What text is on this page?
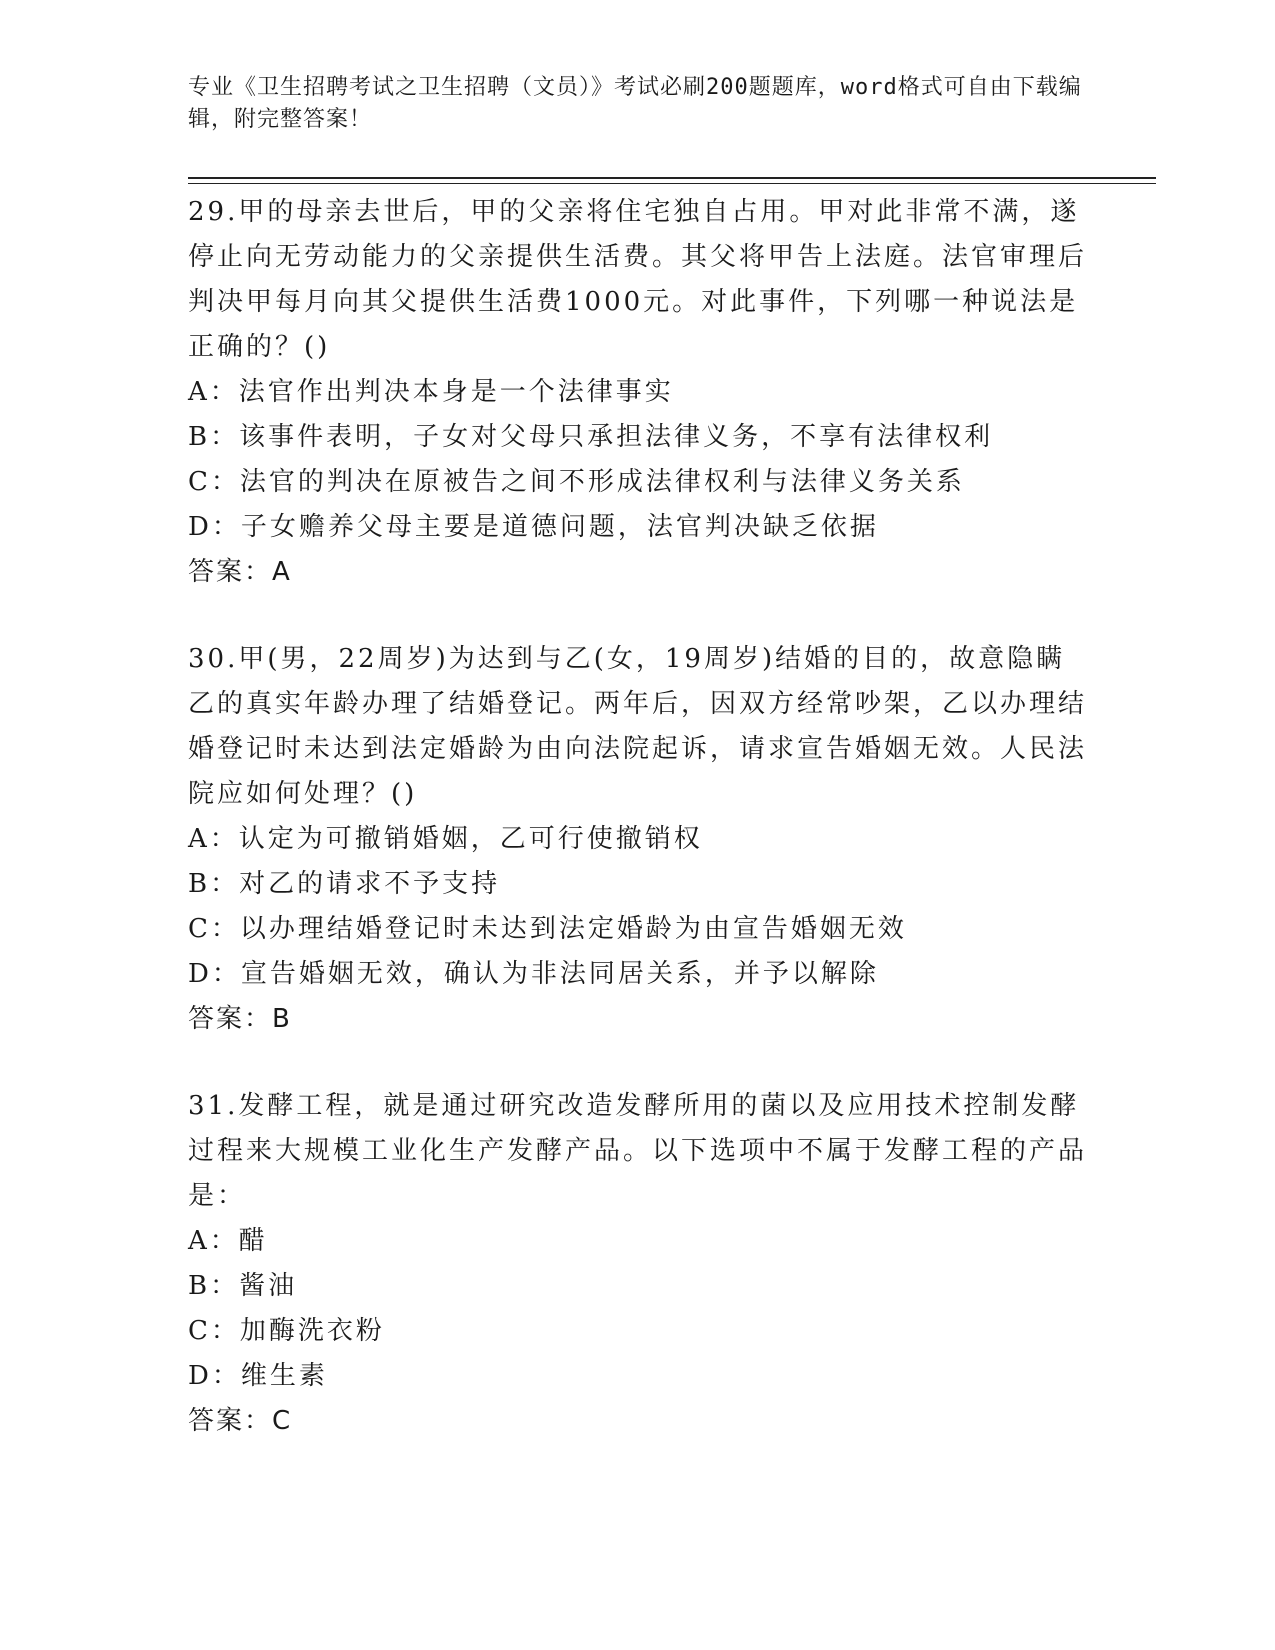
专业《卫生招聘考试之卫生招聘（文员）》考试必刷200题题库，word格式可自由下载编辑，附完整答案！

29.甲的母亲去世后，甲的父亲将住宅独自占用。甲对此非常不满，遂停止向无劳动能力的父亲提供生活费。其父将甲告上法庭。法官审理后判决甲每月向其父提供生活费1000元。对此事件，下列哪一种说法是正确的？()

A：法官作出判决本身是一个法律事实

B：该事件表明，子女对父母只承担法律义务，不享有法律权利

C：法官的判决在原被告之间不形成法律权利与法律义务关系

D：子女赡养父母主要是道德问题，法官判决缺乏依据

答案：A

30.甲(男，22周岁)为达到与乙(女，19周岁)结婚的目的，故意隐瞒乙的真实年龄办理了结婚登记。两年后，因双方经常吵架，乙以办理结婚登记时未达到法定婚龄为由向法院起诉，请求宣告婚姻无效。人民法院应如何处理？()

A：认定为可撤销婚姻，乙可行使撤销权

B：对乙的请求不予支持

C：以办理结婚登记时未达到法定婚龄为由宣告婚姻无效

D：宣告婚姻无效，确认为非法同居关系，并予以解除

答案：B

31.发酵工程，就是通过研究改造发酵所用的菌以及应用技术控制发酵过程来大规模工业化生产发酵产品。以下选项中不属于发酵工程的产品是：

A：醋

B：酱油

C：加酶洗衣粉

D：维生素

答案：C
